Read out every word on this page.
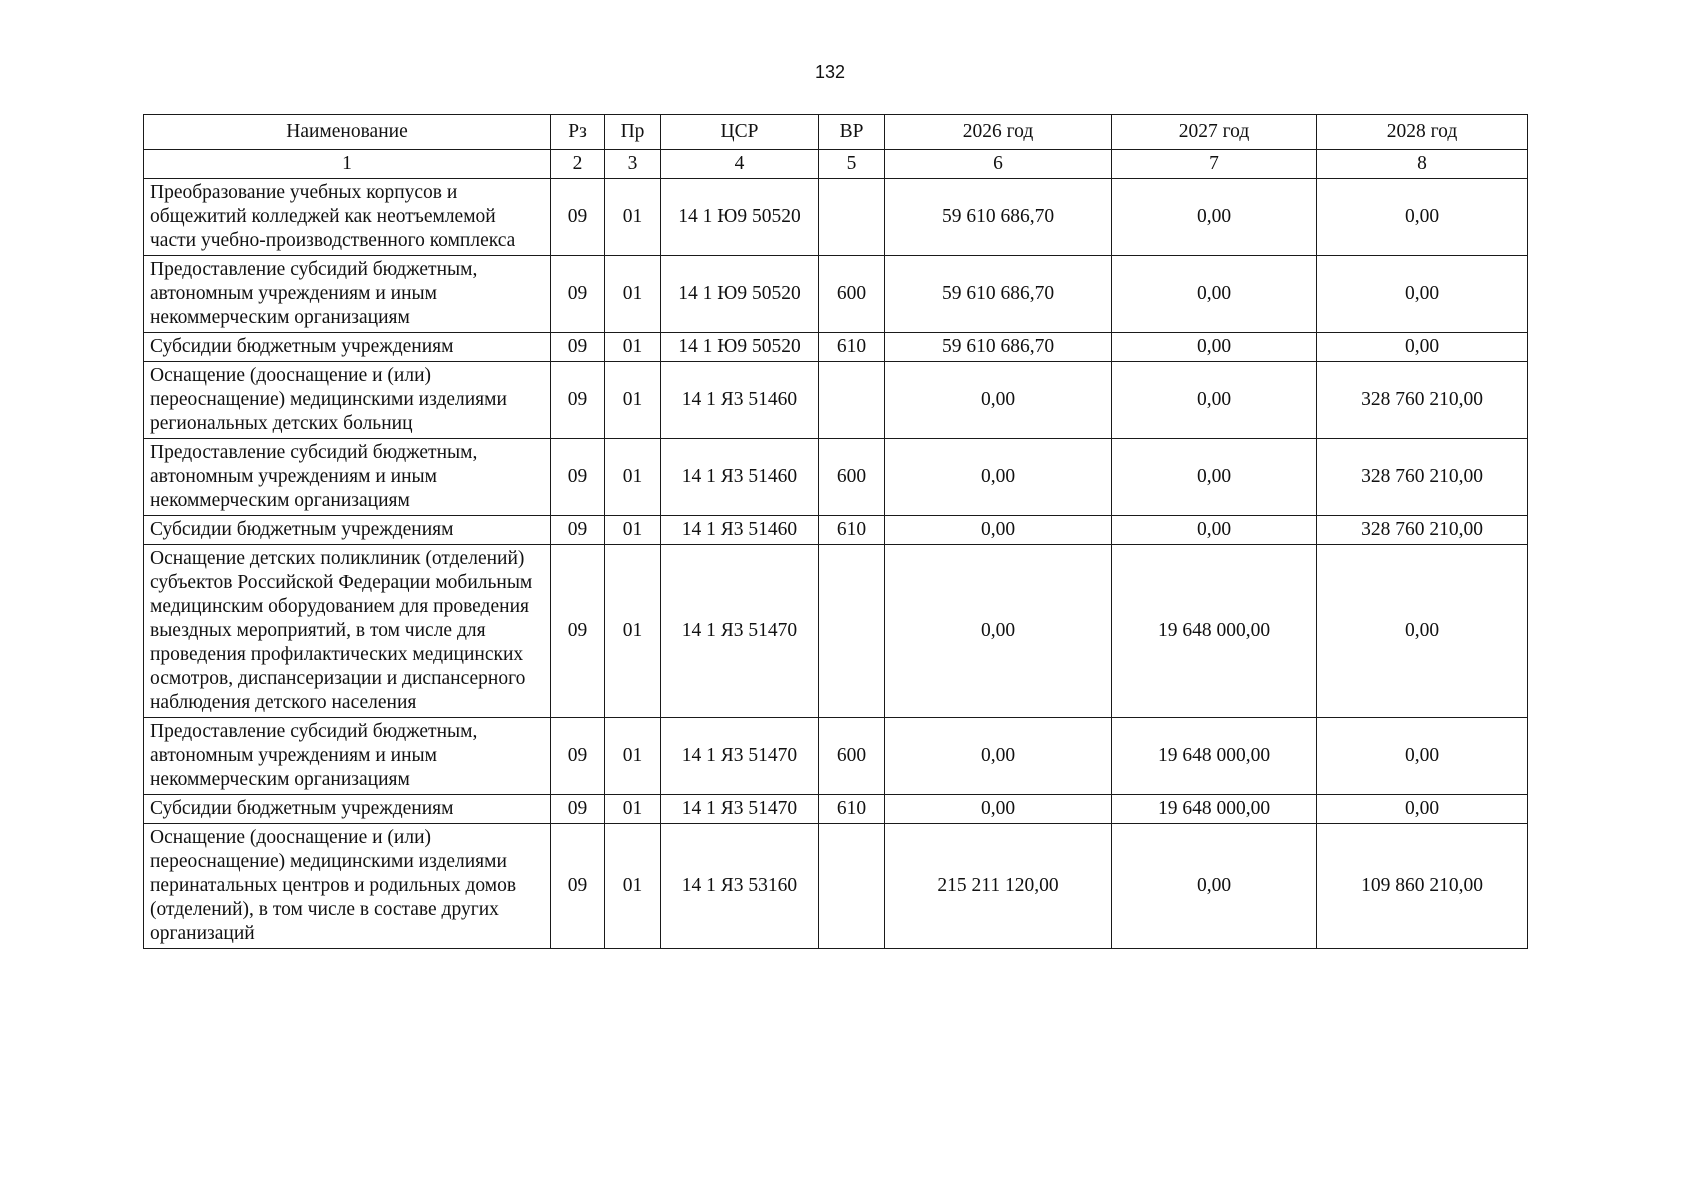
132
Наименование	Рз	Пр	ЦСР	ВР	2026 год	2027 год	2028 год
1	2	3	4	5	6	7	8
Преобразование учебных корпусов и общежитий колледжей как неотъемлемой части учебно-производственного комплекса	09	01	14 1 Ю9 50520		59 610 686,70	0,00	0,00
Предоставление субсидий бюджетным, автономным учреждениям и иным некоммерческим организациям	09	01	14 1 Ю9 50520	600	59 610 686,70	0,00	0,00
Субсидии бюджетным учреждениям	09	01	14 1 Ю9 50520	610	59 610 686,70	0,00	0,00
Оснащение (дооснащение и (или) переоснащение) медицинскими изделиями региональных детских больниц	09	01	14 1 Я3 51460		0,00	0,00	328 760 210,00
Предоставление субсидий бюджетным, автономным учреждениям и иным некоммерческим организациям	09	01	14 1 Я3 51460	600	0,00	0,00	328 760 210,00
Субсидии бюджетным учреждениям	09	01	14 1 Я3 51460	610	0,00	0,00	328 760 210,00
Оснащение детских поликлиник (отделений) субъектов Российской Федерации мобильным медицинским оборудованием для проведения выездных мероприятий, в том числе для проведения профилактических медицинских осмотров, диспансеризации и диспансерного наблюдения детского населения	09	01	14 1 Я3 51470		0,00	19 648 000,00	0,00
Предоставление субсидий бюджетным, автономным учреждениям и иным некоммерческим организациям	09	01	14 1 Я3 51470	600	0,00	19 648 000,00	0,00
Субсидии бюджетным учреждениям	09	01	14 1 Я3 51470	610	0,00	19 648 000,00	0,00
Оснащение (дооснащение и (или) переоснащение) медицинскими изделиями перинатальных центров и родильных домов (отделений), в том числе в составе других организаций	09	01	14 1 Я3 53160		215 211 120,00	0,00	109 860 210,00
